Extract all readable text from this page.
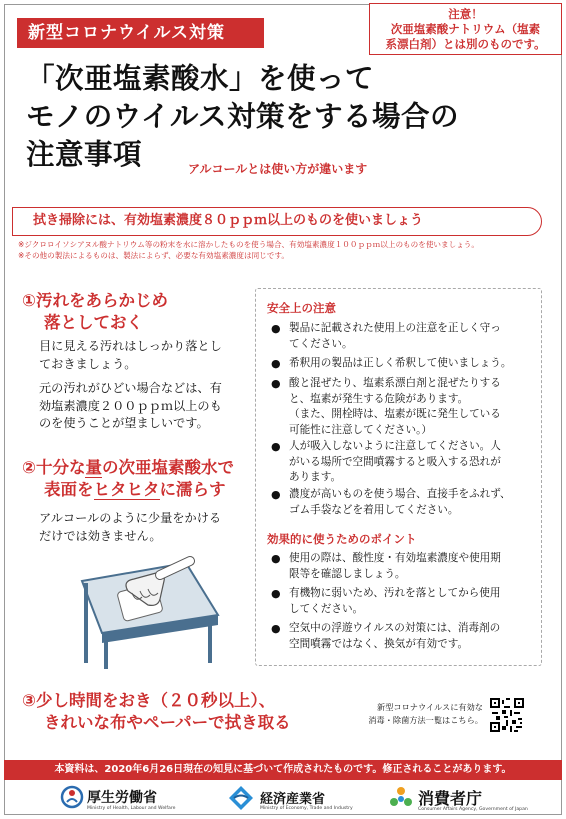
新型コロナウイルス対策
注意！
次亜塩素酸ナトリウム（塩素
系漂白剤）とは別のものです。
「次亜塩素酸水」を使って
モノのウイルス対策をする場合の
注意事項	アルコールとは使い方が違います
拭き掃除には、有効塩素濃度８０ｐｐｍ以上のものを使いましょう
※ジクロロイソシアヌル酸ナトリウム等の粉末を水に溶かしたものを使う場合、有効塩素濃度１００ｐｐｍ以上のものを使いましょう。
※その他の製法によるものは、製法によらず、必要な有効塩素濃度は同じです。
①汚れをあらかじめ
落としておく
目に見える汚れはしっかり落とし
ておきましょう。
元の汚れがひどい場合などは、有
効塩素濃度２００ｐｐｍ以上のも
のを使うことが望ましいです。
②十分な量の次亜塩素酸水で
表面をヒタヒタに濡らす
アルコールのように少量をかける
だけでは効きません。
③少し時間をおき（２０秒以上）、
きれいな布やペーパーで拭き取る
安全上の注意
● 製品に記載された使用上の注意を正しく守っ
てください。
● 希釈用の製品は正しく希釈して使いましょう。
● 酸と混ぜたり、塩素系漂白剤と混ぜたりする
と、塩素が発生する危険があります。
（また、開栓時は、塩素が既に発生している
可能性に注意してください。）
● 人が吸入しないように注意してください。人
がいる場所で空間噴霧すると吸入する恐れが
あります。
● 濃度が高いものを使う場合、直接手をふれず、
ゴム手袋などを着用してください。
効果的に使うためのポイント
● 使用の際は、酸性度・有効塩素濃度や使用期
限等を確認しましょう。
● 有機物に弱いため、汚れを落としてから使用
してください。
● 空気中の浮遊ウイルスの対策には、消毒剤の
空間噴霧ではなく、換気が有効です。
新型コロナウイルスに有効な
消毒・除菌方法一覧はこちら。
本資料は、2020年6月26日現在の知見に基づいて作成されたものです。修正されることがあります。
厚生労働省
Ministry of Health, Labour and Welfare
経済産業省
Ministry of Economy, Trade and Industry
消費者庁
Consumer Affairs Agency, Government of Japan
